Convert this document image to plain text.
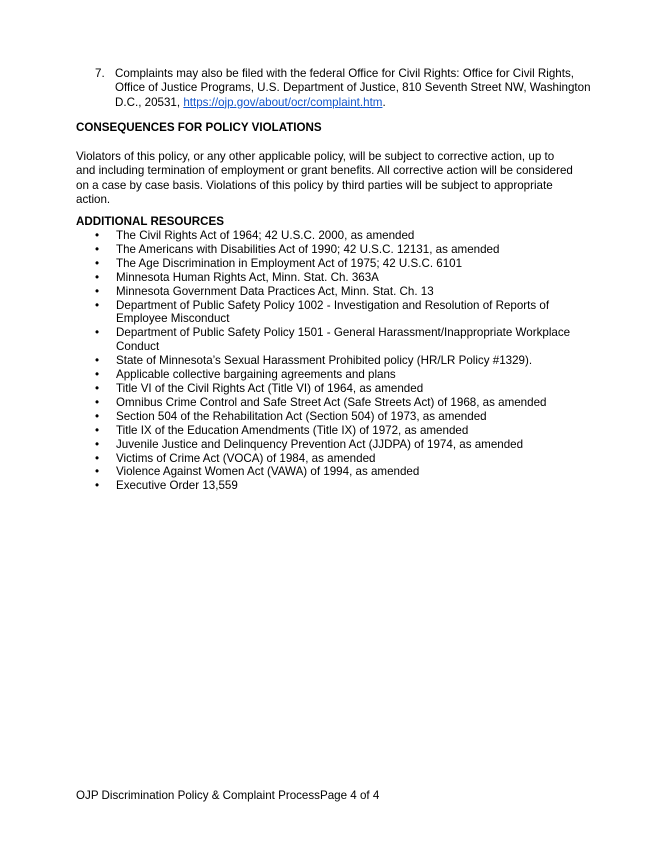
7. Complaints may also be filed with the federal Office for Civil Rights: Office for Civil Rights, Office of Justice Programs, U.S. Department of Justice, 810 Seventh Street NW, Washington D.C., 20531, https://ojp.gov/about/ocr/complaint.htm.
CONSEQUENCES FOR POLICY VIOLATIONS
Violators of this policy, or any other applicable policy, will be subject to corrective action, up to and including termination of employment or grant benefits. All corrective action will be considered on a case by case basis. Violations of this policy by third parties will be subject to appropriate action.
ADDITIONAL RESOURCES
• The Civil Rights Act of 1964; 42 U.S.C. 2000, as amended
• The Americans with Disabilities Act of 1990; 42 U.S.C. 12131, as amended
• The Age Discrimination in Employment Act of 1975; 42 U.S.C. 6101
• Minnesota Human Rights Act, Minn. Stat. Ch. 363A
• Minnesota Government Data Practices Act, Minn. Stat. Ch. 13
• Department of Public Safety Policy 1002 - Investigation and Resolution of Reports of Employee Misconduct
• Department of Public Safety Policy 1501 - General Harassment/Inappropriate Workplace Conduct
• State of Minnesota’s Sexual Harassment Prohibited policy (HR/LR Policy #1329).
• Applicable collective bargaining agreements and plans
• Title VI of the Civil Rights Act (Title VI) of 1964, as amended
• Omnibus Crime Control and Safe Street Act (Safe Streets Act) of 1968, as amended
• Section 504 of the Rehabilitation Act (Section 504) of 1973, as amended
• Title IX of the Education Amendments (Title IX) of 1972, as amended
• Juvenile Justice and Delinquency Prevention Act (JJDPA) of 1974, as amended
• Victims of Crime Act (VOCA) of 1984, as amended
• Violence Against Women Act (VAWA) of 1994, as amended
• Executive Order 13,559
OJP Discrimination Policy & Complaint ProcessPage 4 of 4
